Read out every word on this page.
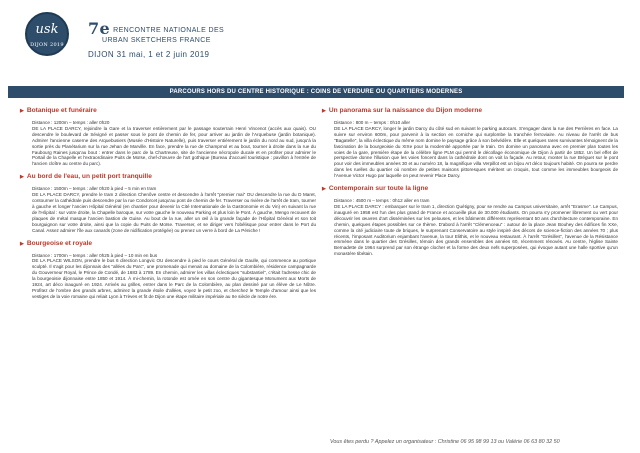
usk
DIJON 2019
7e RENCONTRE NATIONALE DES
URBAN SKETCHERS FRANCE
DIJON 31 mai, 1 et 2 juin 2019
PARCOURS HORS DU CENTRE HISTORIQUE : COINS DE VERDURE OU QUARTIERS MODERNES
▶ Botanique et funéraire

Distance : 1200m – temps : aller 0h20

DE LA PLACE DARCY, rejoindre la Gare et la traverser entièrement par le passage souterrain Henri Vincenot (accès aux quais). OU descendre le boulevard de Sévigné et passer sous le pont de chemin de fer, pour arriver au jardin de l'Arquebuse (jardin botanique). Admirer l'ancienne caserne des Arquebusiers (Musée d'Histoire Naturelle), puis traverser entièrement le jardin du nord au sud, jusqu'à la sortie près du Planétarium sur la rue Jehan de Marville. En face, prendre la rue de Champmol et au bout, tourner à droite dans la rue du Faubourg Raines jusqu'au bout : entrer dans le parc de la Chartreuse, site de l'ancienne nécropole ducale et en profiter pour admirer le Portail de la Chapelle et l'extraordinaire Puits de Moïse, chef-d'œuvre de l'art gothique (Bureau d'accueil touristique : pavillon à l'entrée de l'ancien cloître au centre du parc).

▶ Au bord de l'eau, un petit port tranquille

Distance : 1500m – temps : aller 0h20 à pied – 5 min en tram

DE LA PLACE DARCY, prendre le tram 2 direction Chenôve centre et descendre à l'arrêt "premier mai" OU descendre la rue du D Maret, contourner la cathédrale puis descendre par la rue Condorcet jusqu'au pont de chemin de fer. Traverser ou rivière de l'arrêt de tram, tourner à gauche et longer l'ancien Hôpital Général (en chantier pour devenir la Cité Internationale de la Gastronomie et du Vin) en suivant la rue de l'Hôpital : sur votre droite, la Chapelle baroque, sur votre gauche le nouveau Parking et plus loin le Pont. À gauche, Mengo recouvert de plaques de métal masque l'ancien bastion de Guise. Au bout de la rue, aller un œil à la grande façade de l'Hôpital Général et son toit bourguignon sur votre droite, ainsi que la copie du Puits de Moïse. Traverser, et se diriger vers l'obélisque pour entrer dans le Port du Canal. Assez admirer l'île aux canards (zone de nidification protégée) ou prenez un verre à bord de La Péniche !

▶ Bourgeoise et royale

Distance : 1700m – temps : aller 0h25 à pied – 10 min en bus

DE LA PLACE WILSON, prendre le bus 6 direction Longvic OU descendre à pied le cours Général de Gaulle, qui commence au portique sculpté. Il s'agit pour les dijonnais des "allées du Parc", une promenade qui menait au domaine de la Colombière, résidence campagnarde du Gouverneur Royal, le Prince de Condé, de 1683 à 1789. En chemin, admirer les villas éclectiques "substantiel", c'était l'adresse chic de la bourgeoisie dijonnaise entre 1850 et 1914. À mi-chemin, la rotonde est ornée en son centre du gigantesque Monument aux Morts de 1924, art déco inauguré en 1924. Arrivés au grilles, entrer dans le Parc de la Colombière, au plan dessiné par un élève de Le Nôtre. Profitez de l'ombre des grands arbres, admirez la grande étoile d'allées, voyez le petit zoo, et cherchez le Temple d'amour ainsi que les vestiges de la voie romaine qui reliait Lyon à Trèves et fit de Dijon une étape militaire impériale au IIe siècle de notre ère.

▶ Un panorama sur la naissance du Dijon moderne

Distance : 800 m – temps : 0h10 aller

DE LA PLACE DARCY, longer le jardin Darcy du côté sud en suivant le parking autocars. S'engager dans la rue des Perrières en face. La suivre sur environ 600m, pour parvenir à la section en corniche qui surplombe la tranchée ferroviaire. Au niveau de l'arrêt de bus "Bagatelle", la villa éclectique du même nom domine le paysage grâce à son belvédère. Elle et quelques rares survivantes témoignent de la fascination de la bourgeoisie du XIXe pour la modernité apportée par le train. On domine un panorama avec en premier plan toutes les voies de la gare, première étape de la célèbre ligne PLM qui permit le décollage économique de Dijon à partir de 1852. Un bel effet de perspective donne l'illusion que les voies foncent dans la cathédrale dont on voit la façade. Au retour, monter la rue Bréguet sur le pont pour voir des immeubles années 30 et au numéro 18, la magnifique villa Verpillot est un bijou Art déco toujours habité. On pourra se perdre dans les ruelles du quartier où nombre de petites maisons pittoresques méritent un croquis, tout comme les immeubles bourgeois de l'Avenue Victor Hugo par laquelle on peut revenir Place Darcy.

▶ Contemporain sur toute la ligne

Distance : 4500 m – temps : 0h12 aller en tram

DE LA PLACE DARCY : embarquer sur le tram 1, direction Quétigny, pour se rendre au Campus universitaire, arrêt "Erasme". Le Campus, inauguré en 1958 est l'un des plus grand de France et accueille plus de 30.000 étudiants. On pourra s'y promener librement ou vert pour découvrir les œuvres d'art disséminées sur les pelouses, et les bâtiments différents représentant 50 ans d'architecture contemporaine. En chemin, quelques étapes possibles sur ce thème. D'abord à l'arrêt "Clémenceau" : autour de la place Jean Bouhey des édifices fin XXe, comme la cité judiciaire toute de briques, le surprenant Conservatoire au style inspiré des décors de science-fiction des années 70 ; plus récents, l'imposant Auditorium enjambant l'avenue, la tour Elithis, et le nouveau restaurant. À l'arrêt "Grésilles", l'avenue de la Résistance emmène dans le quartier des Grésilles, témoin des grands ensembles des années 60, récemment rénovés. Au centre, l'église Sainte Bernadette de 1964 surprend par son étrange clocher et la forme des deux nefs superposées, qui évoque autant une halle sportive qu'un monastère tibétain.

Vous êtes perdu ? Appelez un organisateur : Christine 06 95 98 99 13 ou Valérie 06 63 80 32 50
